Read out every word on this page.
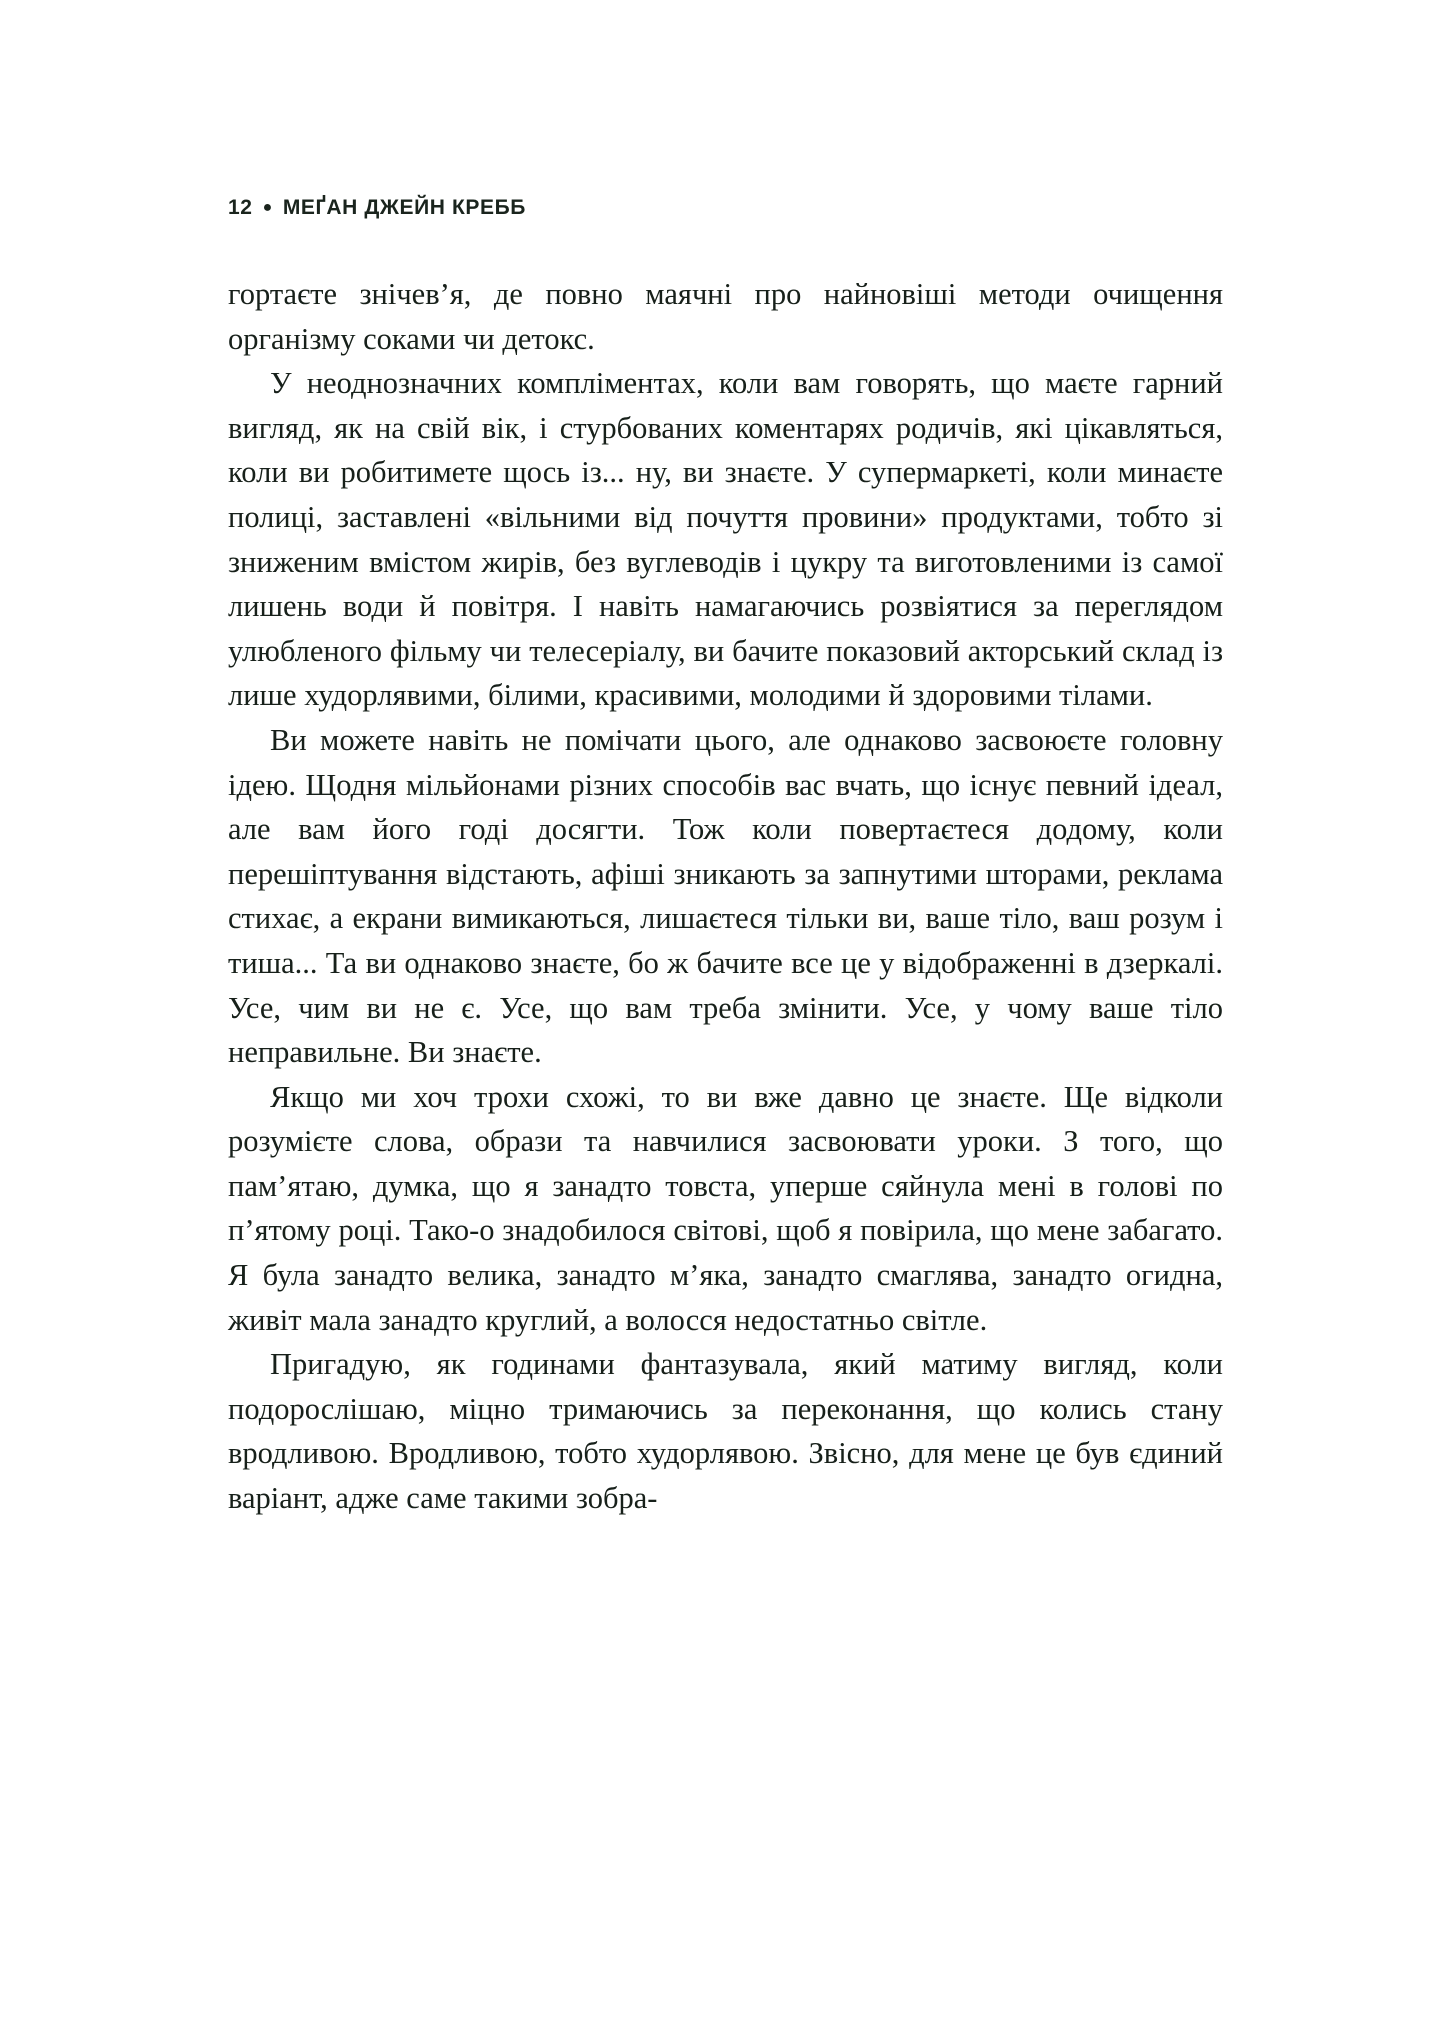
12 ● МЕҐАН ДЖЕЙН КРЕББ

гортаєте знічев’я, де повно маячні про найновіші методи очищення організму соками чи детокс.

У неоднозначних компліментах, коли вам говорять, що маєте гарний вигляд, як на свій вік, і стурбованих коментарях родичів, які цікавляться, коли ви робитимете щось із... ну, ви знаєте. У супермаркеті, коли минаєте полиці, заставлені «вільними від почуття провини» продуктами, тобто зі зниженим вмістом жирів, без вуглеводів і цукру та виготовленими із самої лишень води й повітря. І навіть намагаючись розвіятися за переглядом улюбленого фільму чи телесеріалу, ви бачите показовий акторський склад із лише худорлявими, білими, красивими, молодими й здоровими тілами.

Ви можете навіть не помічати цього, але однаково засвоюєте головну ідею. Щодня мільйонами різних способів вас вчать, що існує певний ідеал, але вам його годі досягти. Тож коли повертаєтеся додому, коли перешіптування відстають, афіші зникають за запнутими шторами, реклама стихає, а екрани вимикаються, лишаєтеся тільки ви, ваше тіло, ваш розум і тиша... Та ви однаково знаєте, бо ж бачите все це у відображенні в дзеркалі. Усе, чим ви не є. Усе, що вам треба змінити. Усе, у чому ваше тіло неправильне. Ви знаєте.

Якщо ми хоч трохи схожі, то ви вже давно це знаєте. Ще відколи розумієте слова, образи та навчилися засвоювати уроки. З того, що пам’ятаю, думка, що я занадто товста, уперше сяйнула мені в голові по п’ятому році. Тако-о знадобилося світові, щоб я повірила, що мене забагато. Я була занадто велика, занадто м’яка, занадто смаглява, занадто огидна, живіт мала занадто круглий, а волосся недостатньо світле.

Пригадую, як годинами фантазувала, який матиму вигляд, коли подорослішаю, міцно тримаючись за переконання, що колись стану вродливою. Вродливою, тобто худорлявою. Звісно, для мене це був єдиний варіант, адже саме такими зобра-
